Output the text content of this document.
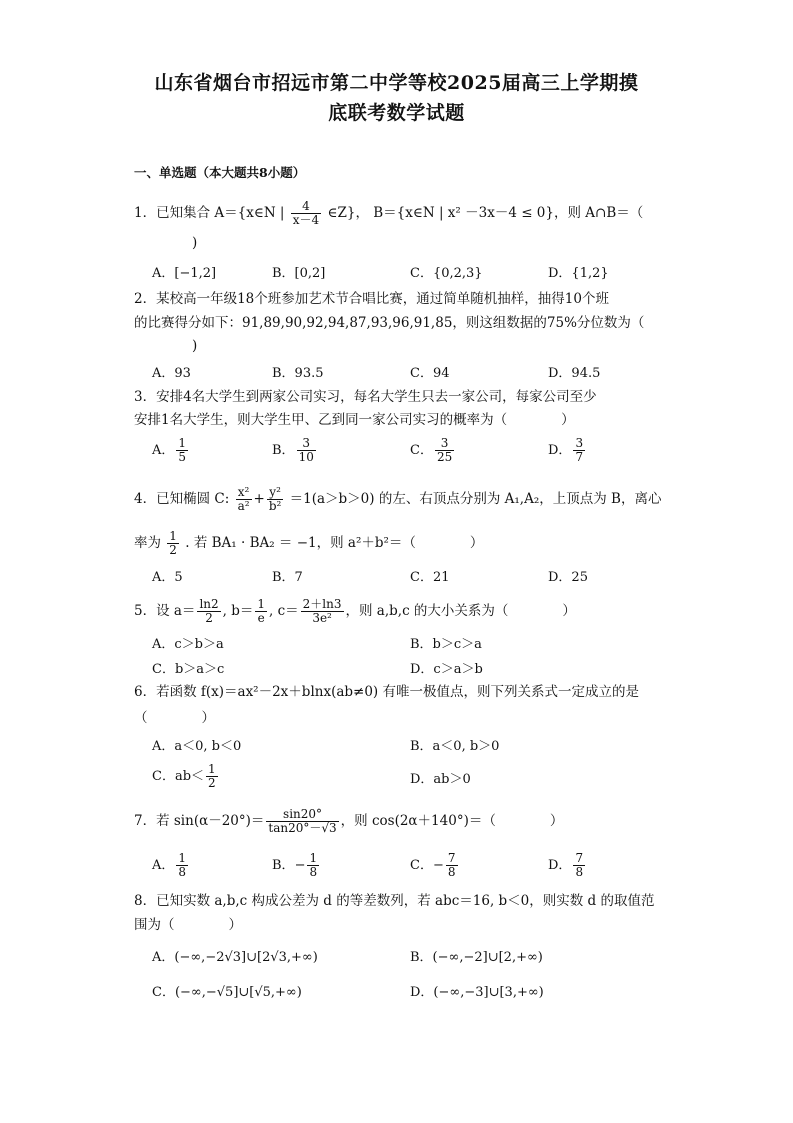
山东省烟台市招远市第二中学等校2025届高三上学期摸
底联考数学试题
一、单选题（本大题共8小题）
1．已知集合 A＝{x∈N | $\frac{4}{x-4}$ ∈Z}， B＝{x∈N | x² －3x－4 ≤ 0}，则 A∩B＝（
)
A．[−1,2]	B．[0,2]	C．{0,2,3}	D．{1,2}
2．某校高一年级18个班参加艺术节合唱比赛，通过简单随机抽样，抽得10个班
的比赛得分如下：91,89,90,92,94,87,93,96,91,85，则这组数据的75%分位数为（
)
A．93	B．93.5	C．94	D．94.5
3．安排4名大学生到两家公司实习，每名大学生只去一家公司，每家公司至少
安排1名大学生，则大学生甲、乙到同一家公司实习的概率为（　　　　）
A． $\frac{1}{5}$	B． $\frac{3}{10}$	C． $\frac{3}{25}$	D． $\frac{3}{7}$
4．已知椭圆 C: $\frac{\text{x²}}{\text{a²}} + \frac{\text{y²}}{\text{b²}} =1(a>b>0)$ 的左、右顶点分别为 A₁,A₂，上顶点为 B，离心
率为 $\frac{1}{2}$ . 若 BA₁ · BA₂ ＝ −1，则 a²＋b²＝（　　　　）
A．5	B．7	C．21	D．25
5．设 $a= \frac{\ln 2}{2}$ , $b= \frac{1}{e}$ , $c= \frac{2+\ln 3}{\text{3e²}}$ ，则 a,b,c 的大小关系为（　　　　）
A．c＞b＞a	B．b＞c＞a
C．b＞a＞c	D．c＞a＞b
6．若函数 f(x)＝ax²－2x＋blnx(ab≠0) 有唯一极值点，则下列关系式一定成立的是
（　　　　）
A．a＜0, b＜0	B．a＜0, b＞0
C．$ab< \frac{1}{2}$	D．ab＞0
7．若 $\sin(\alpha-20^\circ)= \frac{\sin 20^\circ}{\tan 20^\circ-√3}$ ，则 cos(2α＋140°)＝（　　　　）
A． $\frac{1}{8}$	B．− $\frac{1}{8}$	C．− $\frac{7}{8}$	D． $\frac{7}{8}$
8．已知实数 a,b,c 构成公差为 d 的等差数列，若 abc＝16, b＜0，则实数 d 的取值范
围为（　　　　）
A．(−∞,−2√3]∪[2√3,+∞)	B．(−∞,−2]∪[2,+∞)
C．(−∞,−√5]∪[√5,+∞)	D．(−∞,−3]∪[3,+∞)
